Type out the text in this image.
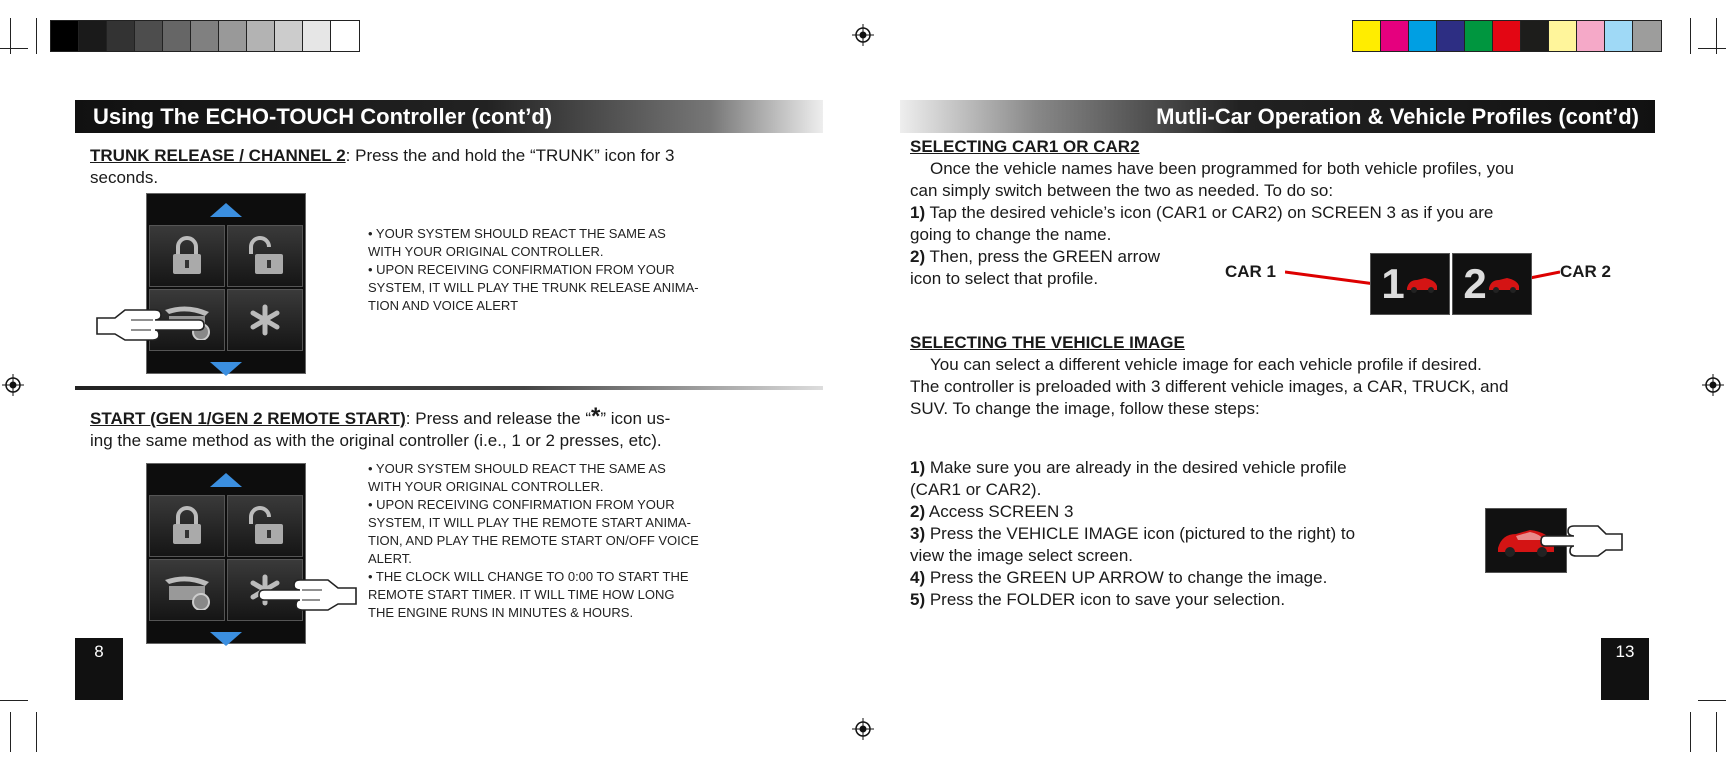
Using The ECHO-TOUCH Controller (cont’d)
TRUNK RELEASE / CHANNEL 2: Press the and hold the “TRUNK” icon for 3
seconds.

• YOUR SYSTEM SHOULD REACT THE SAME AS

WITH YOUR ORIGINAL CONTROLLER.

• UPON RECEIVING CONFIRMATION FROM YOUR

SYSTEM, IT WILL PLAY THE TRUNK RELEASE ANIMA-

TION AND VOICE ALERT

START (GEN 1/GEN 2 REMOTE START): Press and release the “*” icon us-
ing the same method as with the original controller (i.e., 1 or 2 presses, etc).

• YOUR SYSTEM SHOULD REACT THE SAME AS

WITH YOUR ORIGINAL CONTROLLER.

• UPON RECEIVING CONFIRMATION FROM YOUR

SYSTEM, IT WILL PLAY THE REMOTE START ANIMA-

TION, AND PLAY THE REMOTE START ON/OFF VOICE

ALERT.

• THE CLOCK WILL CHANGE TO 0:00 TO START THE

REMOTE START TIMER. IT WILL TIME HOW LONG

THE ENGINE RUNS IN MINUTES & HOURS.

8
Mutli-Car Operation & Vehicle Profiles (cont’d)
SELECTING CAR1 OR CAR2
Once the vehicle names have been programmed for both vehicle profiles, you
can simply switch between the two as needed. To do so:
1) Tap the desired vehicle’s icon (CAR1 or CAR2) on SCREEN 3 as if you are
going to change the name.
2) Then, press the GREEN arrow
icon to select that profile.	CAR 1	CAR 2
1 2
SELECTING THE VEHICLE IMAGE
You can select a different vehicle image for each vehicle profile if desired.
The controller is preloaded with 3 different vehicle images, a CAR, TRUCK, and
SUV. To change the image, follow these steps:
1) Make sure you are already in the desired vehicle profile
(CAR1 or CAR2).
2) Access SCREEN 3
3) Press the VEHICLE IMAGE icon (pictured to the right) to
view the image select screen.
4) Press the GREEN UP ARROW to change the image.
5) Press the FOLDER icon to save your selection.
13
